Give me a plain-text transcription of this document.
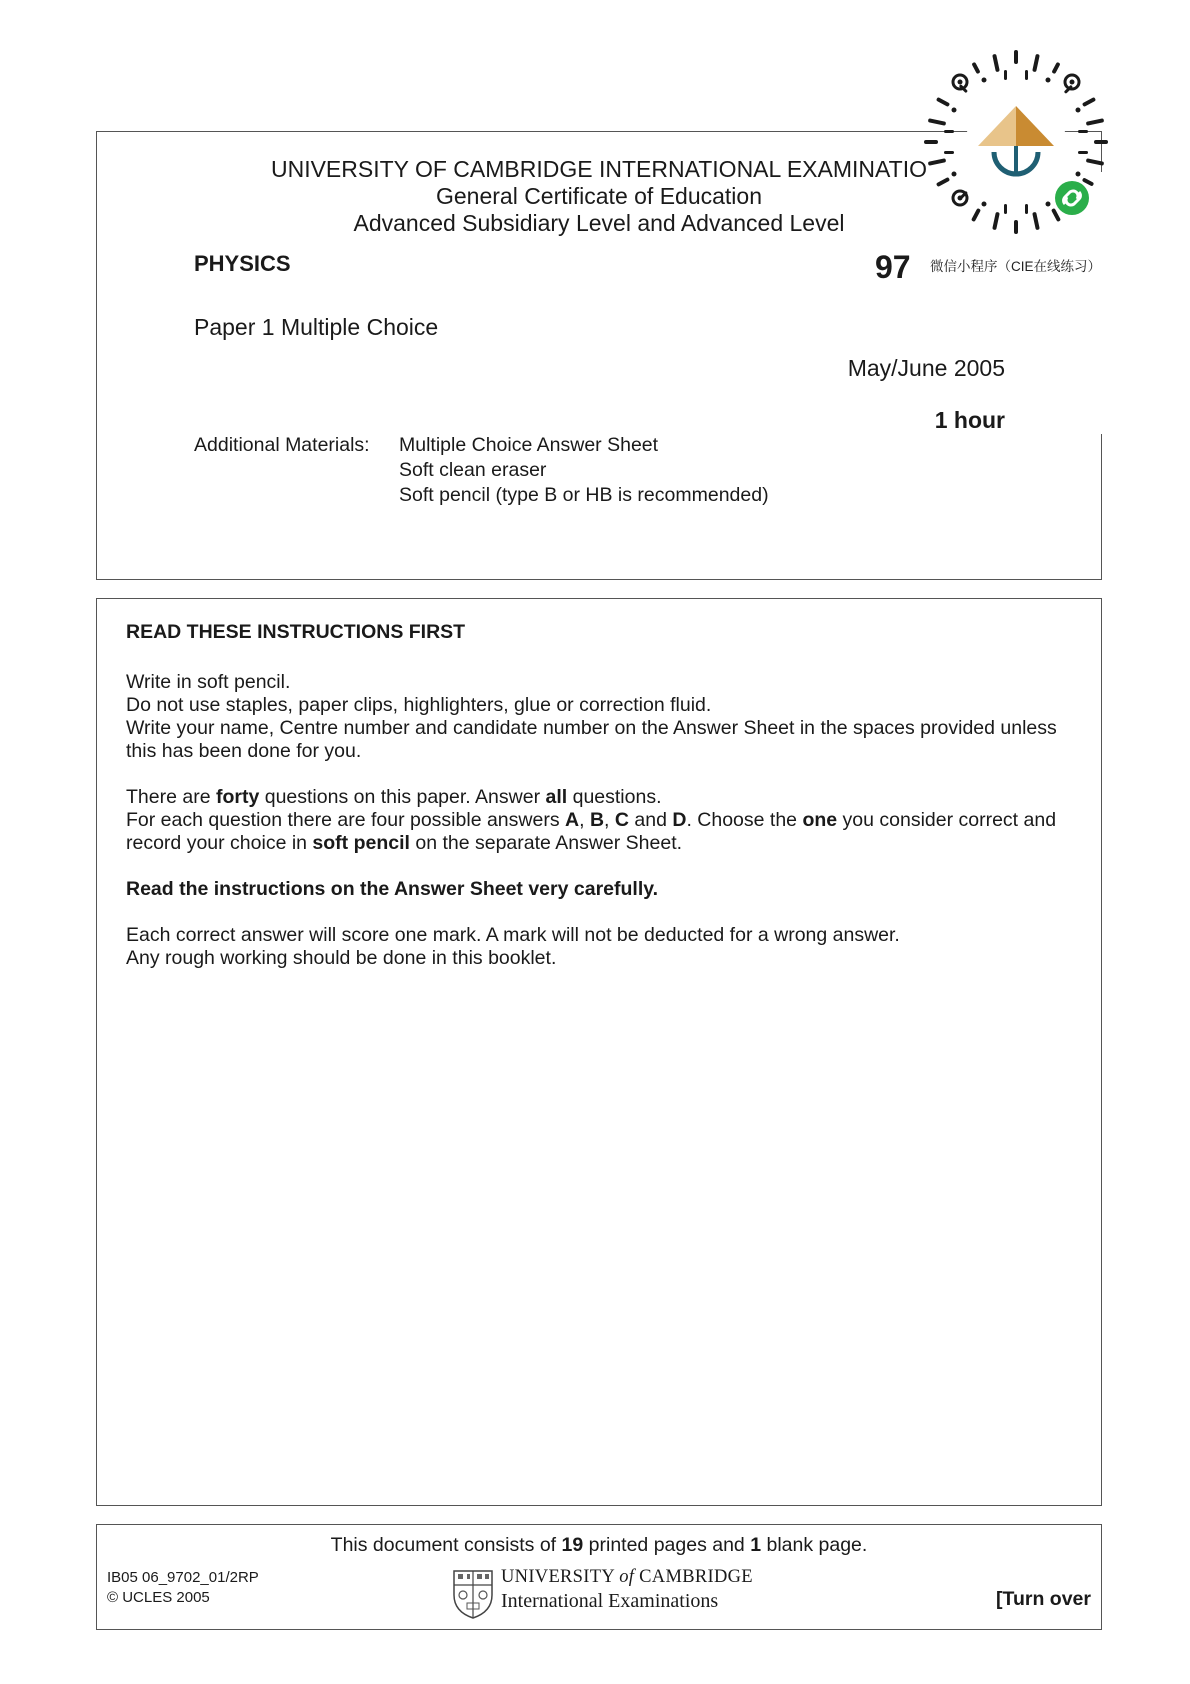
UNIVERSITY OF CAMBRIDGE INTERNATIONAL EXAMINATIO
General Certificate of Education
Advanced Subsidiary Level and Advanced Level
PHYSICS	97
Paper 1 Multiple Choice
May/June 2005
1 hour
Additional Materials: Multiple Choice Answer Sheet
Soft clean eraser
Soft pencil (type B or HB is recommended)
微信小程序（CIE在线练习）
READ THESE INSTRUCTIONS FIRST

Write in soft pencil.

Do not use staples, paper clips, highlighters, glue or correction fluid.

Write your name, Centre number and candidate number on the Answer Sheet in the spaces provided unless

this has been done for you.

There are forty questions on this paper. Answer all questions.

For each question there are four possible answers A, B, C and D. Choose the one you consider correct and

record your choice in soft pencil on the separate Answer Sheet.

Read the instructions on the Answer Sheet very carefully.

Each correct answer will score one mark. A mark will not be deducted for a wrong answer.

Any rough working should be done in this booklet.

This document consists of 19 printed pages and 1 blank page.
IB05 06_9702_01/2RP
© UCLES 2005
UNIVERSITY of CAMBRIDGE
International Examinations	[Turn over
